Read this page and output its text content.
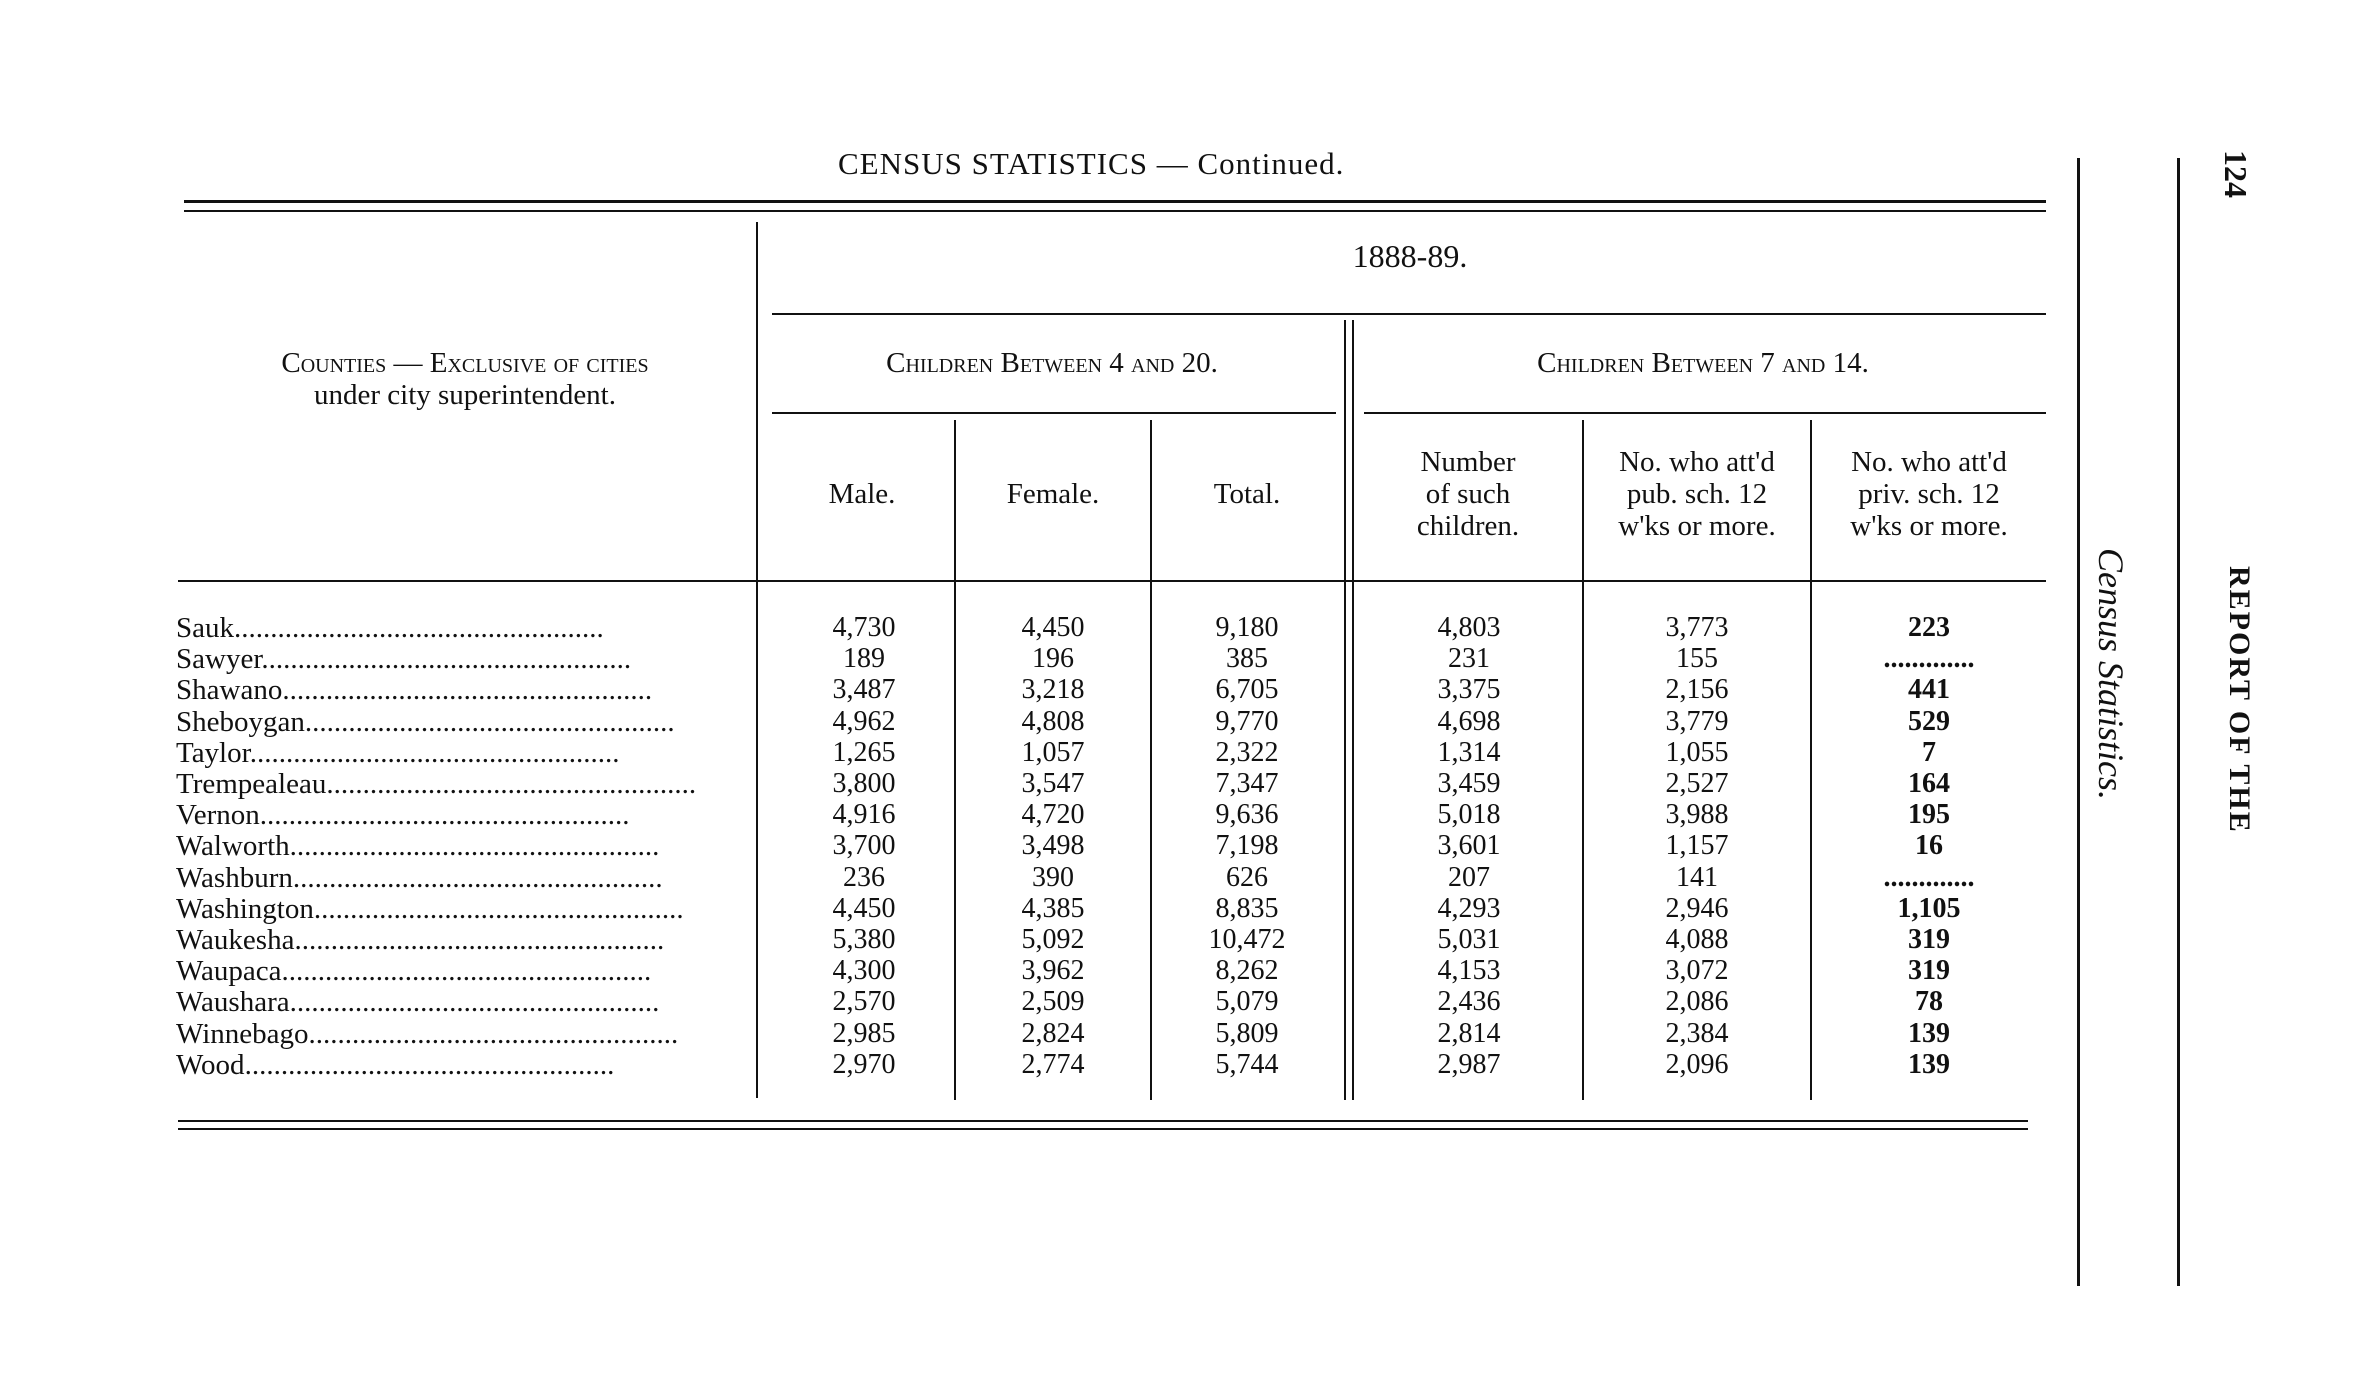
CENSUS STATISTICS — Continued.
1888-89.
Counties — Exclusive of cities
under city superintendent.
Children Between 4 and 20.	Children Between 7 and 14.
Male.	Female.	Total.
Number
of such
children.
No. who att'd
pub. sch. 12
w'ks or more.
No. who att'd
priv. sch. 12
w'ks or more.
Sauk...................................................	4,730	4,450	9,180	4,803	3,773	223
Sawyer...................................................	189	196	385	231	155	.............
Shawano...................................................	3,487	3,218	6,705	3,375	2,156	441
Sheboygan...................................................	4,962	4,808	9,770	4,698	3,779	529
Taylor...................................................	1,265	1,057	2,322	1,314	1,055	7
Trempealeau...................................................	3,800	3,547	7,347	3,459	2,527	164
Vernon...................................................	4,916	4,720	9,636	5,018	3,988	195
Walworth...................................................	3,700	3,498	7,198	3,601	1,157	16
Washburn...................................................	236	390	626	207	141	.............
Washington...................................................	4,450	4,385	8,835	4,293	2,946	1,105
Waukesha...................................................	5,380	5,092	10,472	5,031	4,088	319
Waupaca...................................................	4,300	3,962	8,262	4,153	3,072	319
Waushara...................................................	2,570	2,509	5,079	2,436	2,086	78
Winnebago...................................................	2,985	2,824	5,809	2,814	2,384	139
Wood...................................................	2,970	2,774	5,744	2,987	2,096	139
Census Statistics.	REPORT OF THE
124
